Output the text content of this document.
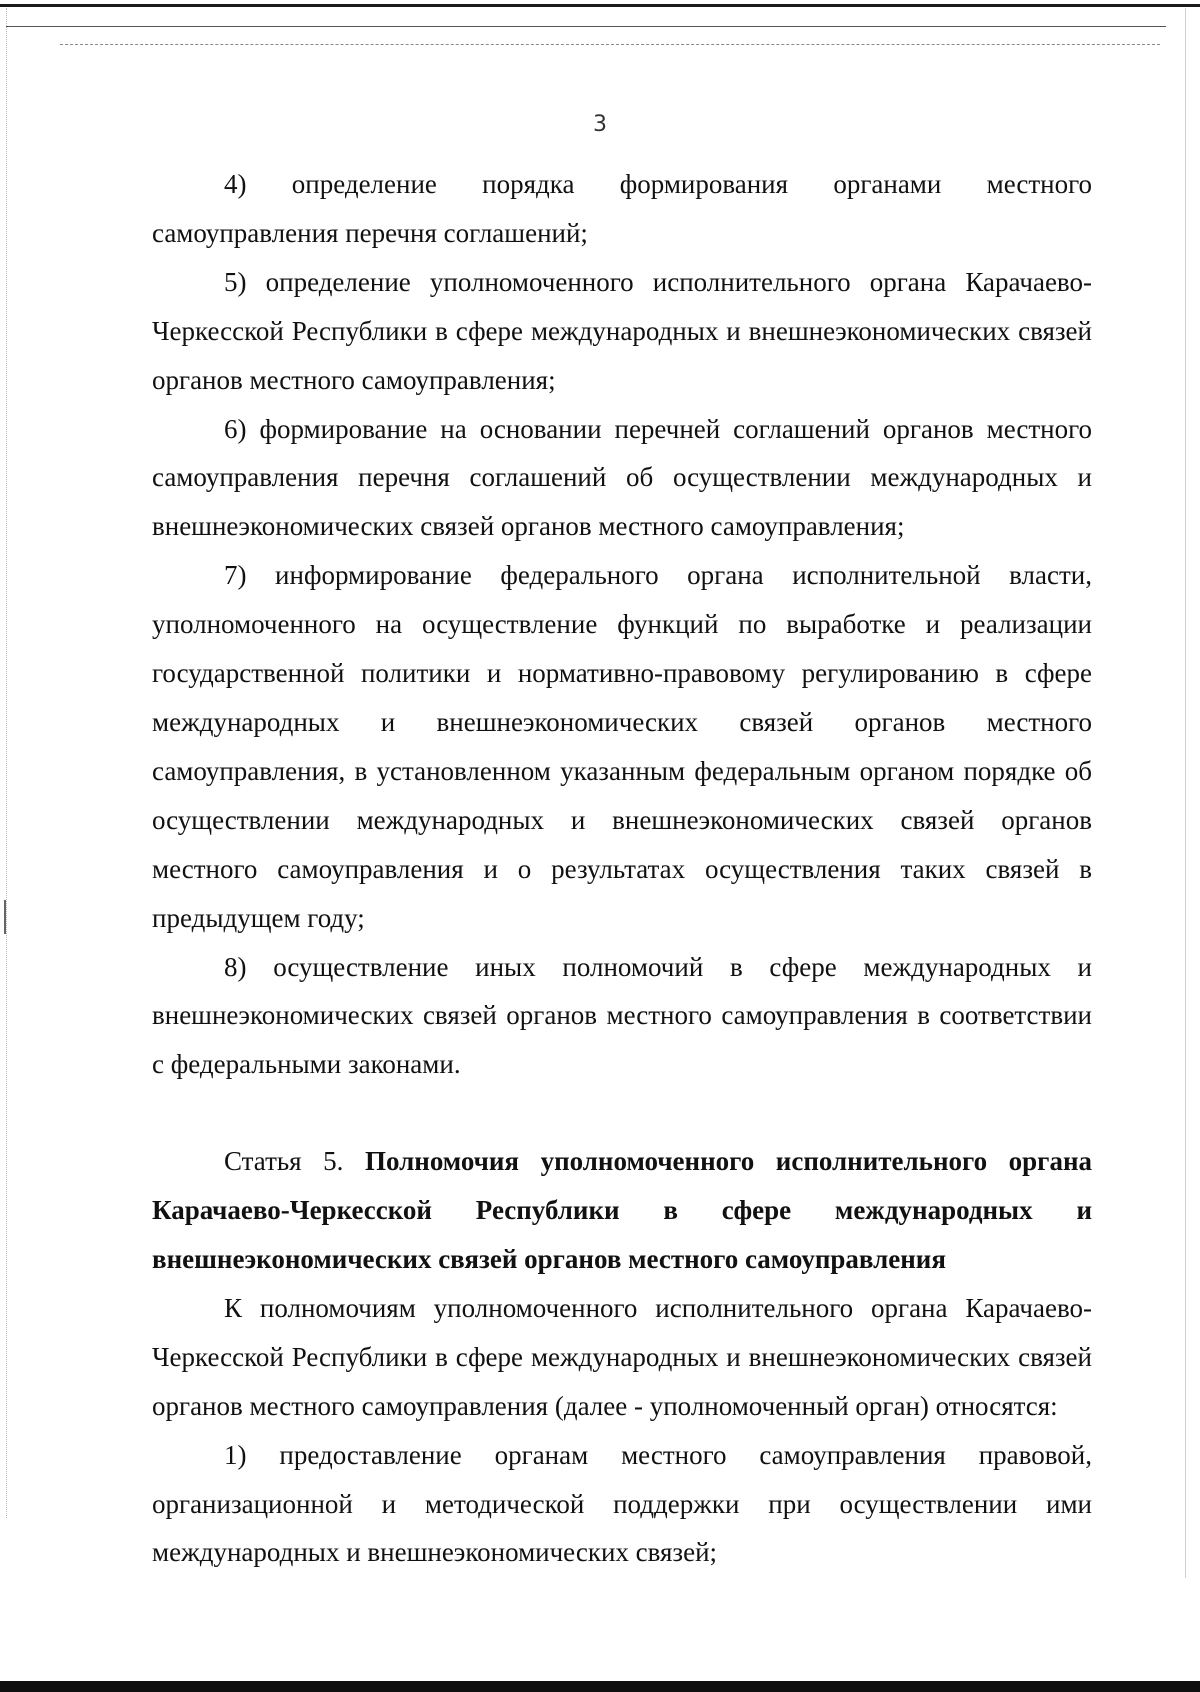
3

4) определение порядка формирования органами местного самоуправления перечня соглашений;

5) определение уполномоченного исполнительного органа Карачаево-Черкесской Республики в сфере международных и внешнеэкономических связей органов местного самоуправления;

6) формирование на основании перечней соглашений органов местного самоуправления перечня соглашений об осуществлении международных и внешнеэкономических связей органов местного самоуправления;

7) информирование федерального органа исполнительной власти, уполномоченного на осуществление функций по выработке и реализации государственной политики и нормативно-правовому регулированию в сфере международных и внешнеэкономических связей органов местного самоуправления, в установленном указанным федеральным органом порядке об осуществлении международных и внешнеэкономических связей органов местного самоуправления и о результатах осуществления таких связей в предыдущем году;

8) осуществление иных полномочий в сфере международных и внешнеэкономических связей органов местного самоуправления в соответствии с федеральными законами.

Статья 5. Полномочия уполномоченного исполнительного органа Карачаево-Черкесской Республики в сфере международных и внешнеэкономических связей органов местного самоуправления

К полномочиям уполномоченного исполнительного органа Карачаево-Черкесской Республики в сфере международных и внешнеэкономических связей органов местного самоуправления (далее - уполномоченный орган) относятся:

1) предоставление органам местного самоуправления правовой, организационной и методической поддержки при осуществлении ими международных и внешнеэкономических связей;
